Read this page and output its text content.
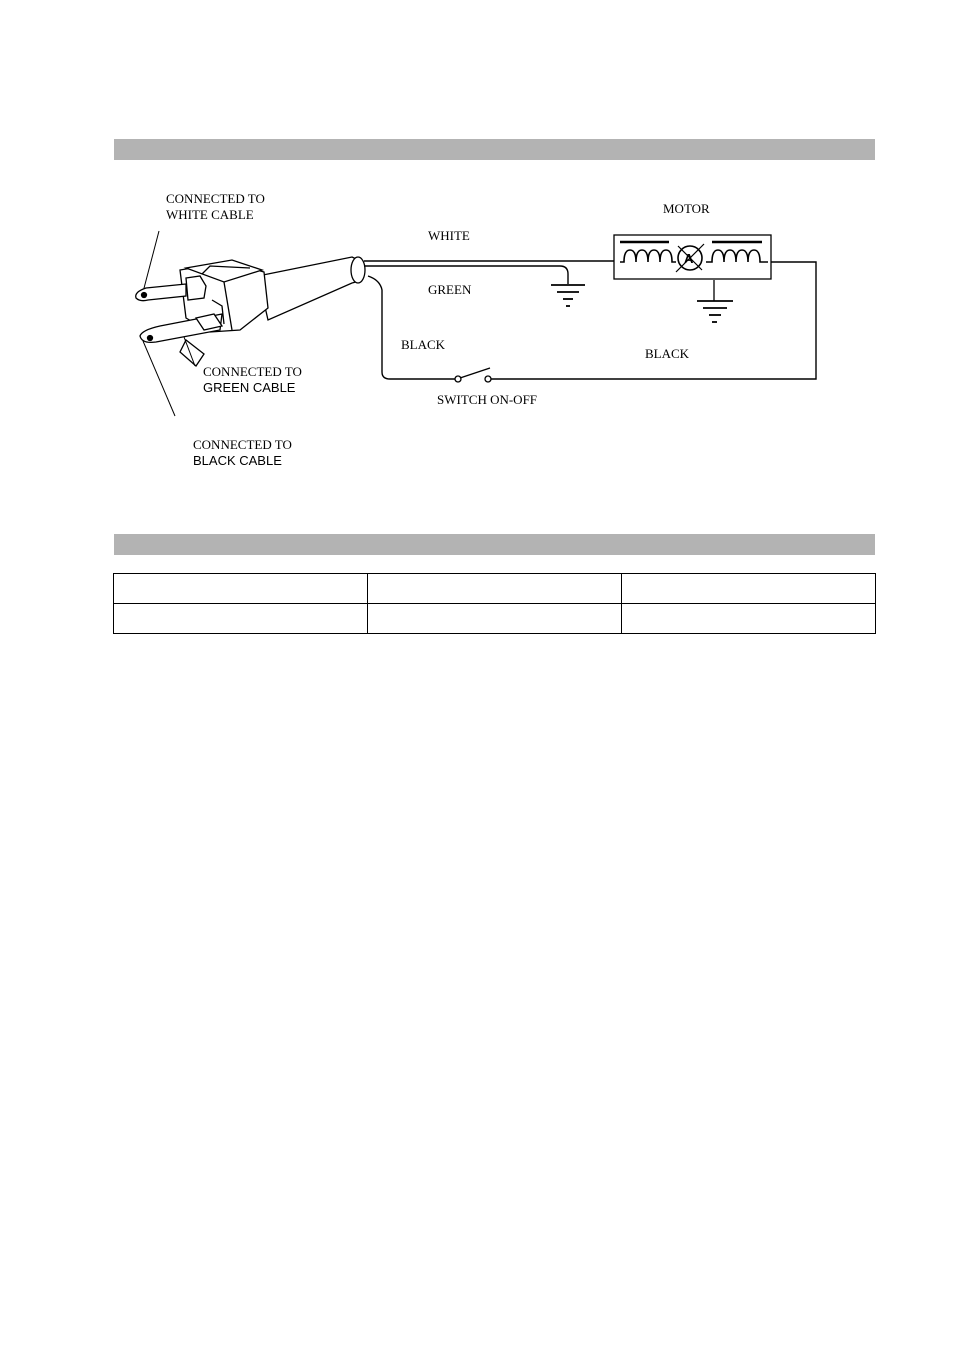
CONNECTED TO
WHITE CABLE
CONNECTED TO
GREEN CABLE
CONNECTED TO
BLACK CABLE
A
WHITE
GREEN
BLACK
BLACK
SWITCH ON-OFF
MOTOR
